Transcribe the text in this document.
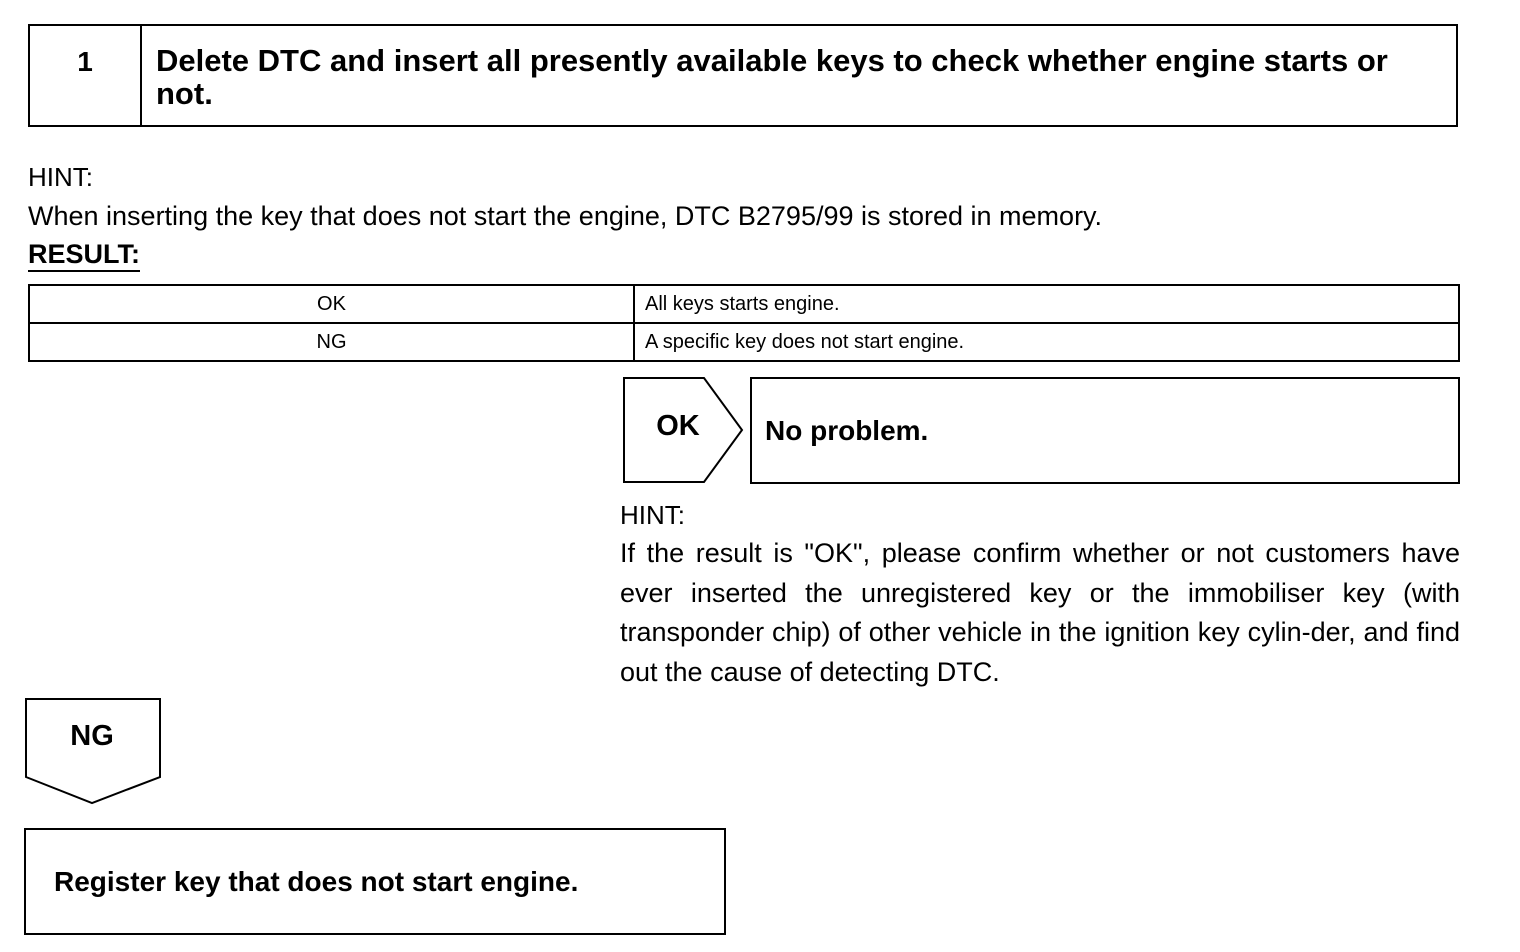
1	Delete DTC and insert all presently available keys to check whether engine starts or not.
HINT:
When inserting the key that does not start the engine, DTC B2795/99 is stored in memory.
RESULT:
OK	All keys starts engine.
NG	A specific key does not start engine.
OK	No problem.
HINT:
If the result is "OK", please confirm whether or not customers have ever inserted the unregistered key or the immobiliser key (with transponder chip) of other vehicle in the ignition key cylin-der, and find out the cause of detecting DTC.
NG
Register key that does not start engine.
